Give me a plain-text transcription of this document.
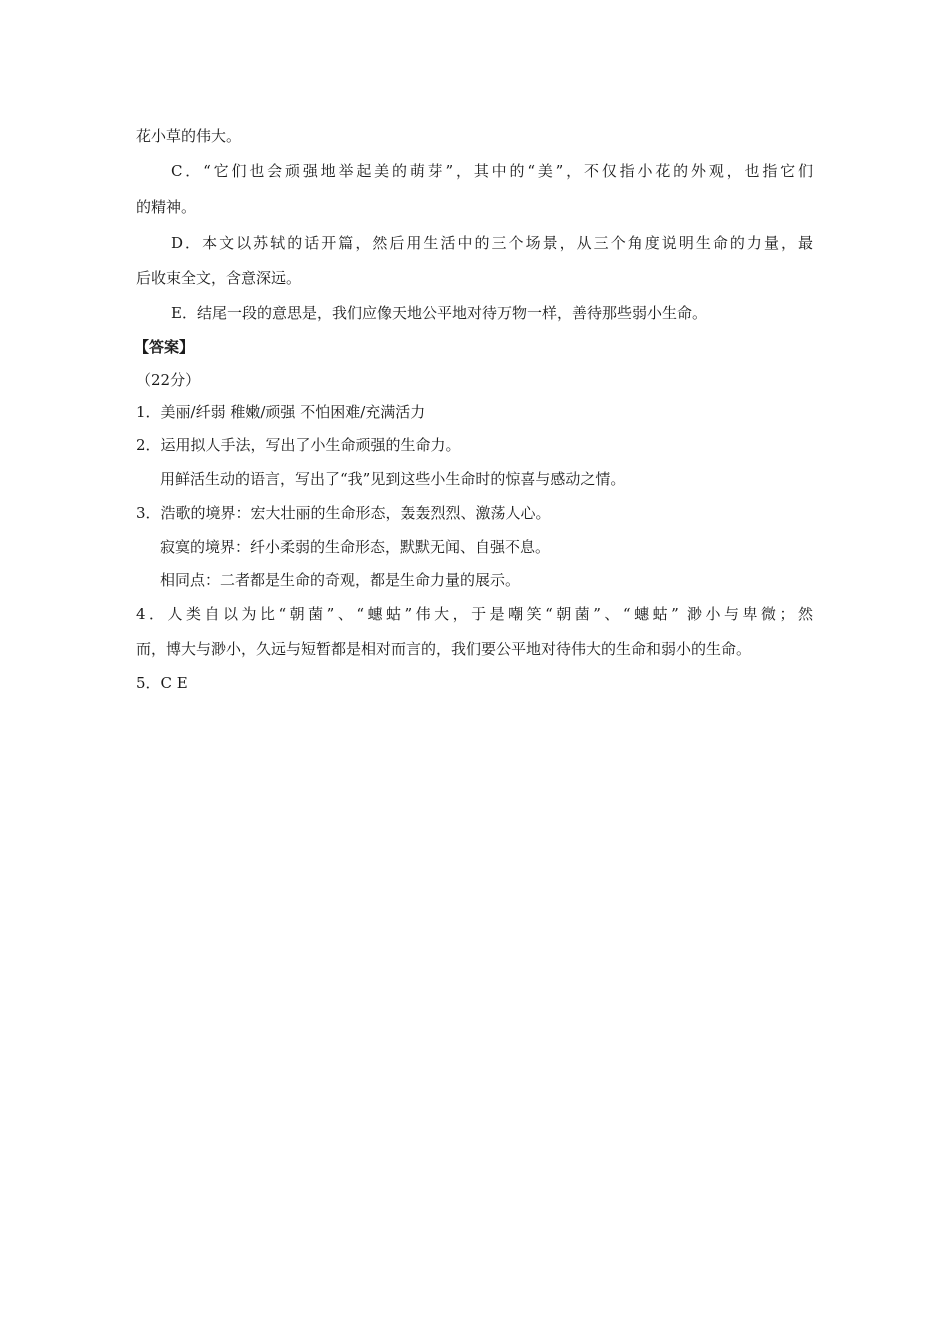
花小草的伟大。
C．“它们也会顽强地举起美的萌芽”，其中的“美”，不仅指小花的外观，也指它们
的精神。
D．本文以苏轼的话开篇，然后用生活中的三个场景，从三个角度说明生命的力量，最
后收束全文，含意深远。
E．结尾一段的意思是，我们应像天地公平地对待万物一样，善待那些弱小生命。
【答案】
（22分）
1．美丽/纤弱 稚嫩/顽强 不怕困难/充满活力
2．运用拟人手法，写出了小生命顽强的生命力。
用鲜活生动的语言，写出了“我”见到这些小生命时的惊喜与感动之情。
3．浩歌的境界：宏大壮丽的生命形态，轰轰烈烈、激荡人心。
寂寞的境界：纤小柔弱的生命形态，默默无闻、自强不息。
相同点：二者都是生命的奇观，都是生命力量的展示。
4．人类自以为比“朝菌”、“蟪蛄”伟大，于是嘲笑“朝菌”、“蟪蛄” 渺小与卑微；然
而，博大与渺小，久远与短暂都是相对而言的，我们要公平地对待伟大的生命和弱小的生命。
5．C E
